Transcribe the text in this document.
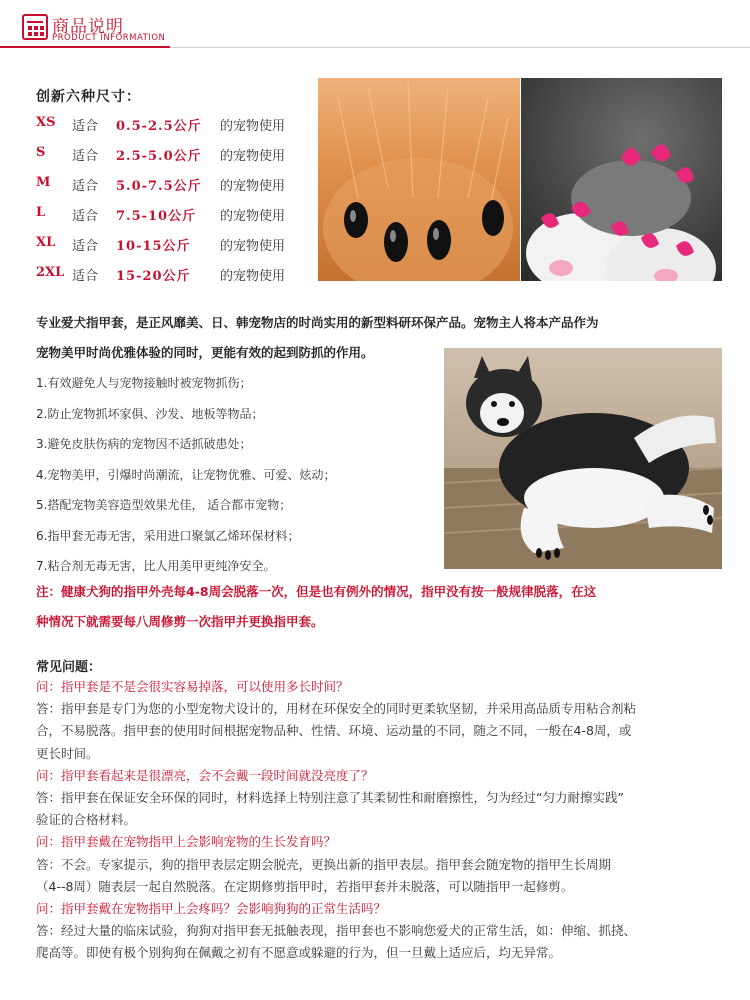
商品说明
PRODUCT INFORMATION
创新六种尺寸：
XS 适合 0.5-2.5公斤 的宠物使用
S 适合 2.5-5.0公斤 的宠物使用
M 适合 5.0-7.5公斤 的宠物使用
L 适合 7.5-10公斤 的宠物使用
XL 适合 10-15公斤 的宠物使用
2XL 适合 15-20公斤 的宠物使用
专业爱犬指甲套，是正风靡美、日、韩宠物店的时尚实用的新型料研环保产品。宠物主人将本产品作为
宠物美甲时尚优雅体验的同时，更能有效的起到防抓的作用。
1.有效避免人与宠物接触时被宠物抓伤；
2.防止宠物抓坏家俱、沙发、地板等物品；
3.避免皮肤伤病的宠物因不适抓破患处；
4.宠物美甲，引爆时尚潮流，让宠物优雅、可爱、炫动；
5.搭配宠物美容造型效果尤佳， 适合都市宠物；
6.指甲套无毒无害，采用进口聚氯乙烯环保材料；
7.粘合剂无毒无害，比人用美甲更纯净安全。
注：健康犬狗的指甲外壳每4-8周会脱落一次，但是也有例外的情况，指甲没有按一般规律脱落，在这
种情况下就需要每八周修剪一次指甲并更换指甲套。
常见问题：
问：指甲套是不是会很实容易掉落，可以使用多长时间？
答：指甲套是专门为您的小型宠物犬设计的，用材在环保安全的同时更柔软坚韧，并采用高品质专用粘合剂粘
合，不易脱落。指甲套的使用时间根据宠物品种、性情、环境、运动量的不同，随之不同，一般在4-8周，或
更长时间。
问：指甲套看起来是很漂亮，会不会戴一段时间就没亮度了？
答：指甲套在保证安全环保的同时，材料选择上特别注意了其柔韧性和耐磨擦性，匀为经过“匀力耐擦实践”
验证的合格材料。
问：指甲套戴在宠物指甲上会影响宠物的生长发育吗？
答：不会。专家提示，狗的指甲表层定期会脱壳，更换出新的指甲表层。指甲套会随宠物的指甲生长周期
（4--8周）随表层一起自然脱落。在定期修剪指甲时，若指甲套并未脱落，可以随指甲一起修剪。
问：指甲套戴在宠物指甲上会疼吗？会影响狗狗的正常生活吗？
答：经过大量的临床试验，狗狗对指甲套无抵触表现，指甲套也不影响您爱犬的正常生活，如：伸缩、抓挠、
爬高等。即使有极个别狗狗在佩戴之初有不愿意或躲避的行为，但一旦戴上适应后，均无异常。
